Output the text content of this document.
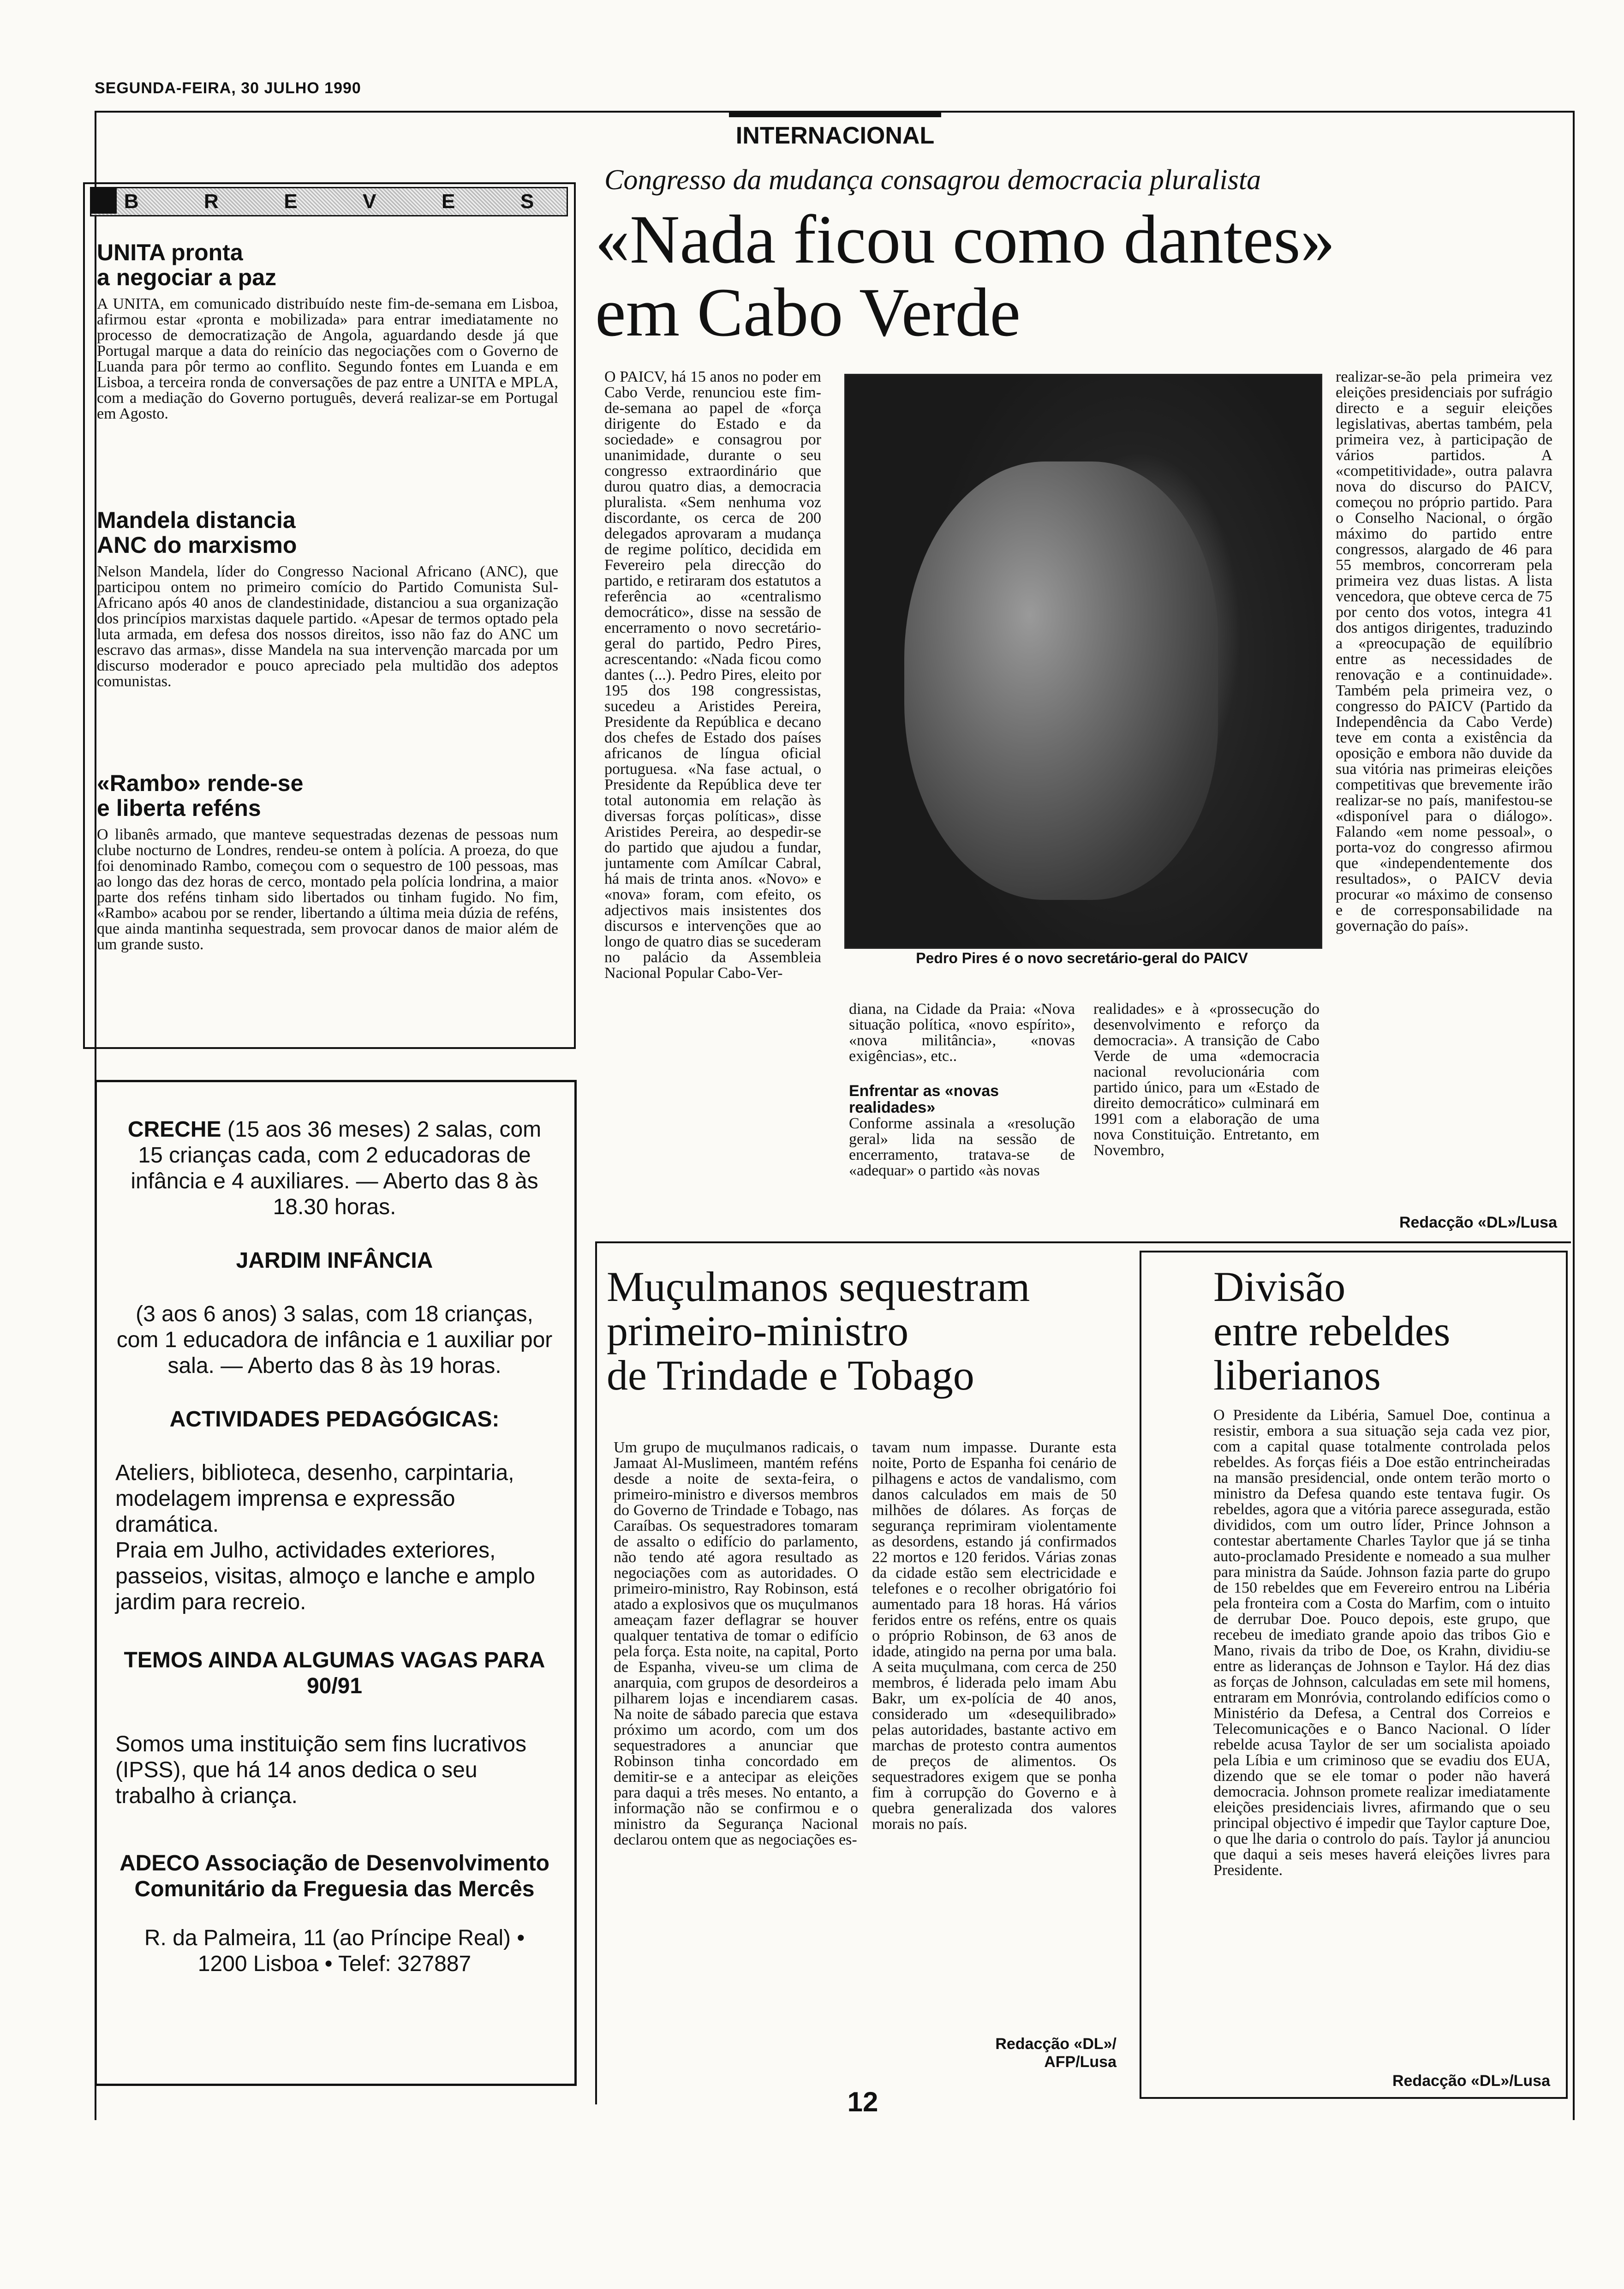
SEGUNDA-FEIRA, 30 JULHO 1990
INTERNACIONAL
B	R	E	V	E	S
UNITA pronta
a negociar a paz
A UNITA, em comunicado distribuído neste fim-de-semana em Lisboa, afirmou estar «pronta e mobilizada» para entrar imediatamente no processo de democratização de Angola, aguardando desde já que Portugal marque a data do reinício das negociações com o Governo de Luanda para pôr termo ao conflito. Segundo fontes em Luanda e em Lisboa, a terceira ronda de conversações de paz entre a UNITA e MPLA, com a mediação do Governo português, deverá realizar-se em Portugal em Agosto.
Mandela distancia
ANC do marxismo
Nelson Mandela, líder do Congresso Nacional Africano (ANC), que participou ontem no primeiro comício do Partido Comunista Sul-Africano após 40 anos de clandestinidade, distanciou a sua organização dos princípios marxistas daquele partido. «Apesar de termos optado pela luta armada, em defesa dos nossos direitos, isso não faz do ANC um escravo das armas», disse Mandela na sua intervenção marcada por um discurso moderador e pouco apreciado pela multidão dos adeptos comunistas.
«Rambo» rende-se
e liberta reféns
O libanês armado, que manteve sequestradas dezenas de pessoas num clube nocturno de Londres, rendeu-se ontem à polícia. A proeza, do que foi denominado Rambo, começou com o sequestro de 100 pessoas, mas ao longo das dez horas de cerco, montado pela polícia londrina, a maior parte dos reféns tinham sido libertados ou tinham fugido. No fim, «Rambo» acabou por se render, libertando a última meia dúzia de reféns, que ainda mantinha sequestrada, sem provocar danos de maior além de um grande susto.
CRECHE (15 aos 36 meses) 2 salas, com 15 crianças cada, com 2 educadoras de infância e 4 auxiliares. — Aberto das 8 às 18.30 horas.
JARDIM INFÂNCIA
(3 aos 6 anos) 3 salas, com 18 crianças, com 1 educadora de infância e 1 auxiliar por sala. — Aberto das 8 às 19 horas.
ACTIVIDADES PEDAGÓGICAS:
Ateliers, biblioteca, desenho, carpintaria, modelagem imprensa e expressão dramática.
Praia em Julho, actividades exteriores, passeios, visitas, almoço e lanche e amplo jardim para recreio.
TEMOS AINDA ALGUMAS VAGAS PARA 90/91
Somos uma instituição sem fins lucrativos (IPSS), que há 14 anos dedica o seu trabalho à criança.
ADECO Associação de Desenvolvimento Comunitário da Freguesia das Mercês
R. da Palmeira, 11 (ao Príncipe Real) •
1200 Lisboa • Telef: 327887
Congresso da mudança consagrou democracia pluralista
«Nada ficou como dantes»
em Cabo Verde
O PAICV, há 15 anos no poder em Cabo Verde, renunciou este fim-de-semana ao papel de «força dirigente do Estado e da sociedade» e consagrou por unanimidade, durante o seu congresso extraordinário que durou quatro dias, a democracia pluralista. «Sem nenhuma voz discordante, os cerca de 200 delegados aprovaram a mudança de regime político, decidida em Fevereiro pela direcção do partido, e retiraram dos estatutos a referência ao «centralismo democrático», disse na sessão de encerramento o novo secretário-geral do partido, Pedro Pires, acrescentando: «Nada ficou como dantes (...). Pedro Pires, eleito por 195 dos 198 congressistas, sucedeu a Aristides Pereira, Presidente da República e decano dos chefes de Estado dos países africanos de língua oficial portuguesa. «Na fase actual, o Presidente da República deve ter total autonomia em relação às diversas forças políticas», disse Aristides Pereira, ao despedir-se do partido que ajudou a fundar, juntamente com Amílcar Cabral, há mais de trinta anos. «Novo» e «nova» foram, com efeito, os adjectivos mais insistentes dos discursos e intervenções que ao longo de quatro dias se sucederam no palácio da Assembleia Nacional Popular Cabo-Ver-
Pedro Pires é o novo secretário-geral do PAICV
diana, na Cidade da Praia: «Nova situação política, «novo espírito», «nova militância», «novas exigências», etc..
Enfrentar as «novas realidades»
Conforme assinala a «resolução geral» lida na sessão de encerramento, tratava-se de «adequar» o partido «às novas
realidades» e à «prossecução do desenvolvimento e reforço da democracia». A transição de Cabo Verde de uma «democracia nacional revolucionária com partido único, para um «Estado de direito democrático» culminará em 1991 com a elaboração de uma nova Constituição. Entretanto, em Novembro,
realizar-se-ão pela primeira vez eleições presidenciais por sufrágio directo e a seguir eleições legislativas, abertas também, pela primeira vez, à participação de vários partidos. A «competitividade», outra palavra nova do discurso do PAICV, começou no próprio partido. Para o Conselho Nacional, o órgão máximo do partido entre congressos, alargado de 46 para 55 membros, concorreram pela primeira vez duas listas. A lista vencedora, que obteve cerca de 75 por cento dos votos, integra 41 dos antigos dirigentes, traduzindo a «preocupação de equilíbrio entre as necessidades de renovação e a continuidade». Também pela primeira vez, o congresso do PAICV (Partido da Independência da Cabo Verde) teve em conta a existência da oposição e embora não duvide da sua vitória nas primeiras eleições competitivas que brevemente irão realizar-se no país, manifestou-se «disponível para o diálogo». Falando «em nome pessoal», o porta-voz do congresso afirmou que «independentemente dos resultados», o PAICV devia procurar «o máximo de consenso e de corresponsabilidade na governação do país».
Redacção «DL»/Lusa
Muçulmanos sequestram
primeiro-ministro
de Trindade e Tobago
Um grupo de muçulmanos radicais, o Jamaat Al-Muslimeen, mantém reféns desde a noite de sexta-feira, o primeiro-ministro e diversos membros do Governo de Trindade e Tobago, nas Caraíbas. Os sequestradores tomaram de assalto o edifício do parlamento, não tendo até agora resultado as negociações com as autoridades. O primeiro-ministro, Ray Robinson, está atado a explosivos que os muçulmanos ameaçam fazer deflagrar se houver qualquer tentativa de tomar o edifício pela força. Esta noite, na capital, Porto de Espanha, viveu-se um clima de anarquia, com grupos de desordeiros a pilharem lojas e incendiarem casas. Na noite de sábado parecia que estava próximo um acordo, com um dos sequestradores a anunciar que Robinson tinha concordado em demitir-se e a antecipar as eleições para daqui a três meses. No entanto, a informação não se confirmou e o ministro da Segurança Nacional declarou ontem que as negociações es-
tavam num impasse. Durante esta noite, Porto de Espanha foi cenário de pilhagens e actos de vandalismo, com danos calculados em mais de 50 milhões de dólares. As forças de segurança reprimiram violentamente as desordens, estando já confirmados 22 mortos e 120 feridos. Várias zonas da cidade estão sem electricidade e telefones e o recolher obrigatório foi aumentado para 18 horas. Há vários feridos entre os reféns, entre os quais o próprio Robinson, de 63 anos de idade, atingido na perna por uma bala. A seita muçulmana, com cerca de 250 membros, é liderada pelo imam Abu Bakr, um ex-polícia de 40 anos, considerado um «desequilibrado» pelas autoridades, bastante activo em marchas de protesto contra aumentos de preços de alimentos. Os sequestradores exigem que se ponha fim à corrupção do Governo e à quebra generalizada dos valores morais no país.
Redacção «DL»/
AFP/Lusa
Divisão
entre rebeldes
liberianos
O Presidente da Libéria, Samuel Doe, continua a resistir, embora a sua situação seja cada vez pior, com a capital quase totalmente controlada pelos rebeldes. As forças fiéis a Doe estão entrincheiradas na mansão presidencial, onde ontem terão morto o ministro da Defesa quando este tentava fugir. Os rebeldes, agora que a vitória parece assegurada, estão divididos, com um outro líder, Prince Johnson a contestar abertamente Charles Taylor que já se tinha auto-proclamado Presidente e nomeado a sua mulher para ministra da Saúde. Johnson fazia parte do grupo de 150 rebeldes que em Fevereiro entrou na Libéria pela fronteira com a Costa do Marfim, com o intuito de derrubar Doe. Pouco depois, este grupo, que recebeu de imediato grande apoio das tribos Gio e Mano, rivais da tribo de Doe, os Krahn, dividiu-se entre as lideranças de Johnson e Taylor. Há dez dias as forças de Johnson, calculadas em sete mil homens, entraram em Monróvia, controlando edifícios como o Ministério da Defesa, a Central dos Correios e Telecomunicações e o Banco Nacional. O líder rebelde acusa Taylor de ser um socialista apoiado pela Líbia e um criminoso que se evadiu dos EUA, dizendo que se ele tomar o poder não haverá democracia. Johnson promete realizar imediatamente eleições presidenciais livres, afirmando que o seu principal objectivo é impedir que Taylor capture Doe, o que lhe daria o controlo do país. Taylor já anunciou que daqui a seis meses haverá eleições livres para Presidente.
Redacção «DL»/Lusa
12
